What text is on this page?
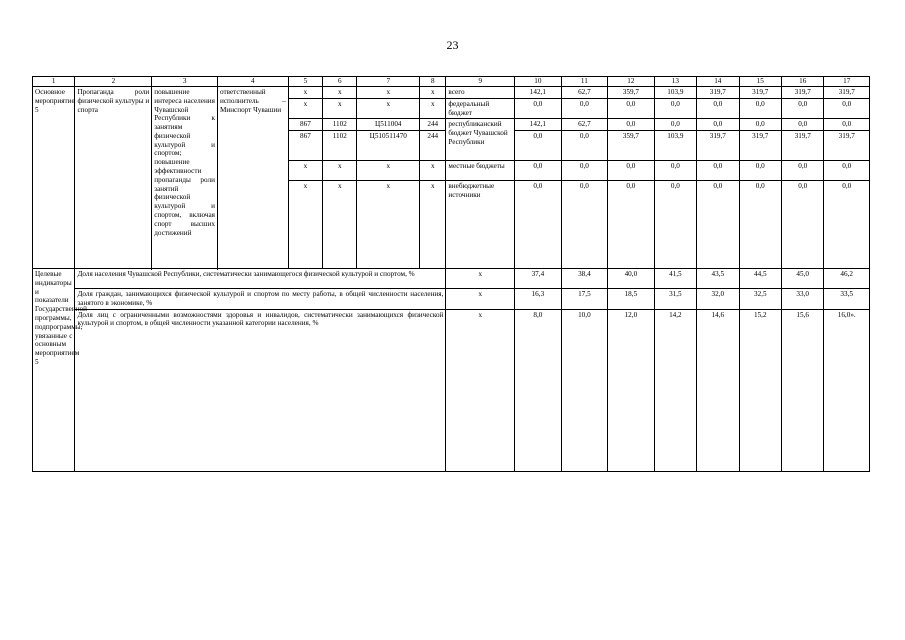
23
1	2	3	4	5	6	7	8	9	10	11	12	13	14	15	16	17
Основное мероприятие 5	Пропаганда роли физической культуры и спорта	повышение интереса населения Чувашской Республики к занятиям физической культурой и спортом; повышение эффективности пропаганды роли занятий физической культурой и спортом, включая спорт высших достижений	ответственный исполнитель – Минспорт Чувашии	x	x	x	x	всего	142,1	62,7	359,7	103,9	319,7	319,7	319,7	319,7
				x	x	x	x	федеральный бюджет	0,0	0,0	0,0	0,0	0,0	0,0	0,0	0,0
				867	1102	Ц511004	244	республиканский бюджет Чувашской Республики	142,1	62,7	0,0	0,0	0,0	0,0	0,0	0,0
				867	1102	Ц510511470	244		0,0	0,0	359,7	103,9	319,7	319,7	319,7	319,7
				x	x	x	x	местные бюджеты	0,0	0,0	0,0	0,0	0,0	0,0	0,0	0,0
				x	x	x	x	внебюджетные источники	0,0	0,0	0,0	0,0	0,0	0,0	0,0	0,0

Целевые индикаторы и показатели Государственной программы, подпрограммы, увязанные с основным мероприятием 5	Доля населения Чувашской Республики, систематически занимающегося физической культурой и спортом, %							x	37,4	38,4	40,0	41,5	43,5	44,5	45,0	46,2
	Доля граждан, занимающихся физической культурой и спортом по месту работы, в общей численности населения, занятого в экономике, %							x	16,3	17,5	18,5	31,5	32,0	32,5	33,0	33,5
	Доля лиц с ограниченными возможностями здоровья и инвалидов, систематически занимающихся физической культурой и спортом, в общей численности указанной категории населения, %							x	8,0	10,0	12,0	14,2	14,6	15,2	15,6	16,0».
